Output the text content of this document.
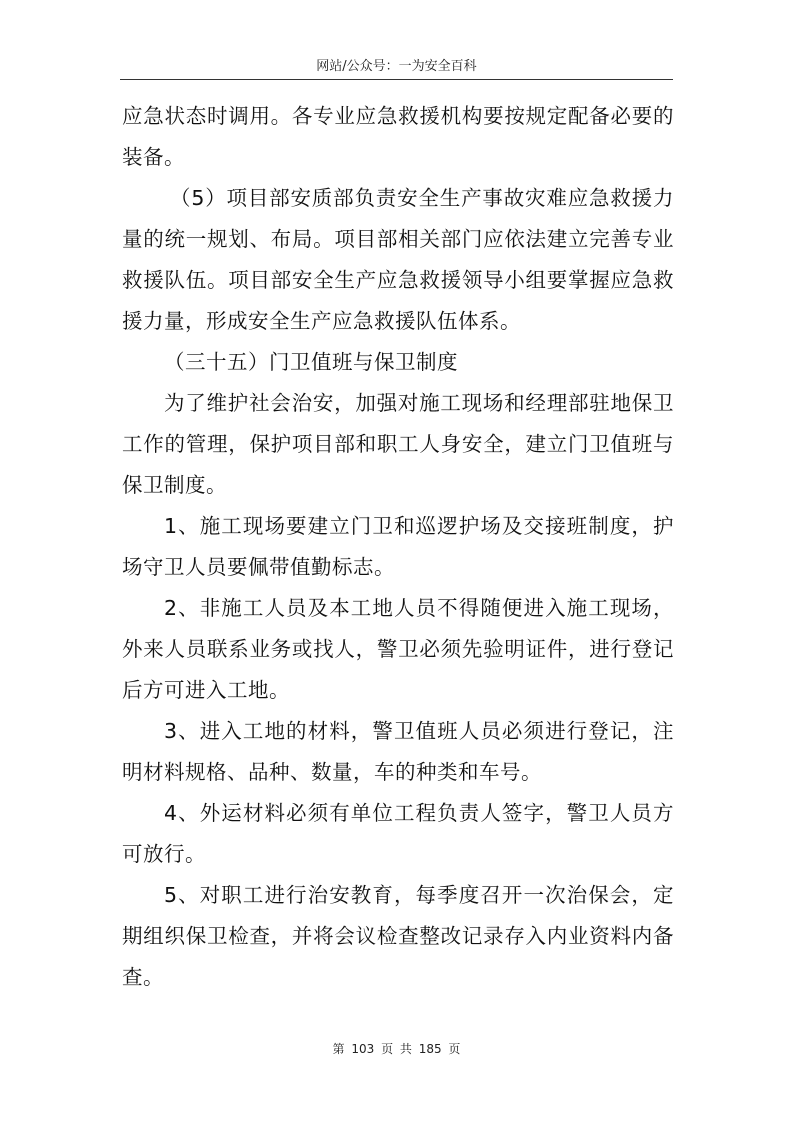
网站/公众号：一为安全百科
应急状态时调用。各专业应急救援机构要按规定配备必要的
装备。
（5）项目部安质部负责安全生产事故灾难应急救援力
量的统一规划、布局。项目部相关部门应依法建立完善专业
救援队伍。项目部安全生产应急救援领导小组要掌握应急救
援力量，形成安全生产应急救援队伍体系。
（三十五）门卫值班与保卫制度
为了维护社会治安，加强对施工现场和经理部驻地保卫
工作的管理，保护项目部和职工人身安全，建立门卫值班与
保卫制度。
1、施工现场要建立门卫和巡逻护场及交接班制度，护
场守卫人员要佩带值勤标志。
2、非施工人员及本工地人员不得随便进入施工现场，
外来人员联系业务或找人，警卫必须先验明证件，进行登记
后方可进入工地。
3、进入工地的材料，警卫值班人员必须进行登记，注
明材料规格、品种、数量，车的种类和车号。
4、外运材料必须有单位工程负责人签字，警卫人员方
可放行。
5、对职工进行治安教育，每季度召开一次治保会，定
期组织保卫检查，并将会议检查整改记录存入内业资料内备
查。
第 103 页 共 185 页
